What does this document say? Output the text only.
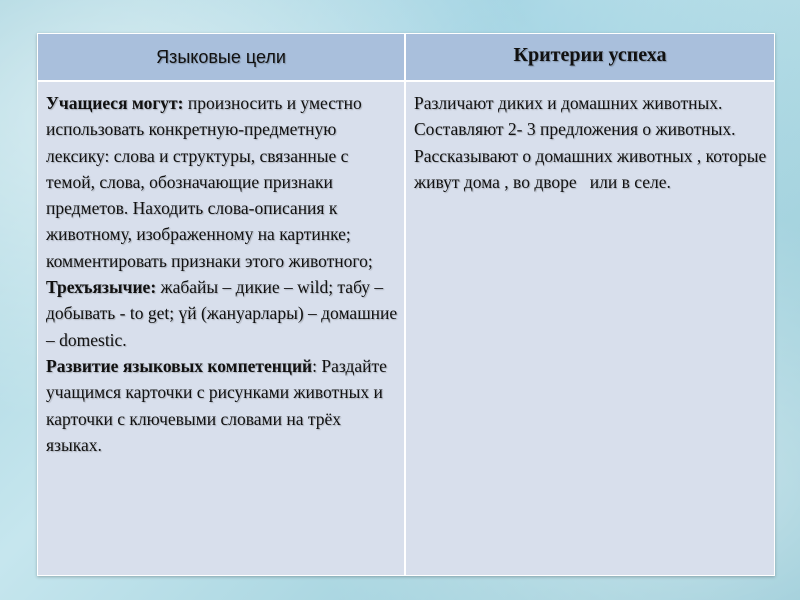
Языковые цели	Критерии успеха

Учащиеся могут: произносить и уместно использовать конкретную-предметную лексику: слова и структуры, связанные с темой, слова, обозначающие признаки предметов. Находить слова-описания к животному, изображенному на картинке; комментировать признаки этого животного;

Трехъязычие: жабайы – дикие – wild; табу – добывать - to get; үй (жануарлары) – домашние – domestic.

Развитие языковых компетенций: Раздайте учащимся карточки с рисунками животных и карточки с ключевыми словами на трёх языках.

Различают диких и домашних животных.

Составляют 2- 3 предложения о животных.

Рассказывают о домашних животных , которые живут дома , во дворе   или в селе.
